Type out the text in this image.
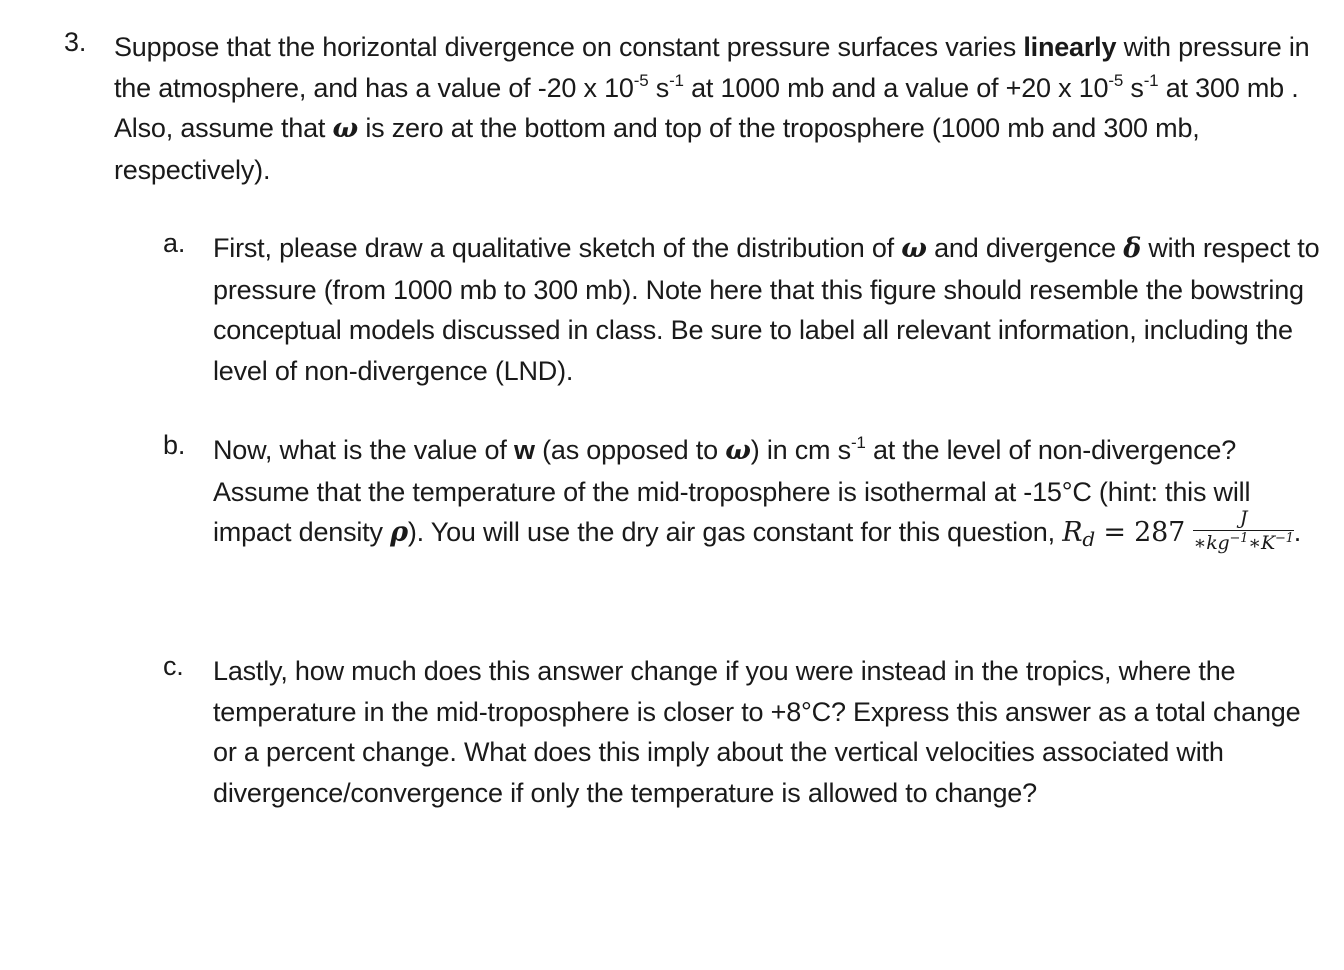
3. Suppose that the horizontal divergence on constant pressure surfaces varies linearly with pressure in the atmosphere, and has a value of -20 x $10^{-5}$ $s^{-1}$ at 1000 mb and a value of +20 x $10^{-5}$ $s^{-1}$ at 300 mb . Also, assume that ω is zero at the bottom and top of the troposphere (1000 mb and 300 mb, respectively).
a. First, please draw a qualitative sketch of the distribution of ω and divergence δ with respect to pressure (from 1000 mb to 300 mb). Note here that this figure should resemble the bowstring conceptual models discussed in class. Be sure to label all relevant information, including the level of non-divergence (LND).
b. Now, what is the value of w (as opposed to ω) in cm $s^{-1}$ at the level of non-divergence? Assume that the temperature of the mid-troposphere is isothermal at -15°C (hint: this will impact density ρ). You will use the dry air gas constant for this question, $Rd = 287 \frac{J}{∗kg^{-1}∗K^{-1}}$ .
c. Lastly, how much does this answer change if you were instead in the tropics, where the temperature in the mid-troposphere is closer to +8°C? Express this answer as a total change or a percent change. What does this imply about the vertical velocities associated with divergence/convergence if only the temperature is allowed to change?
